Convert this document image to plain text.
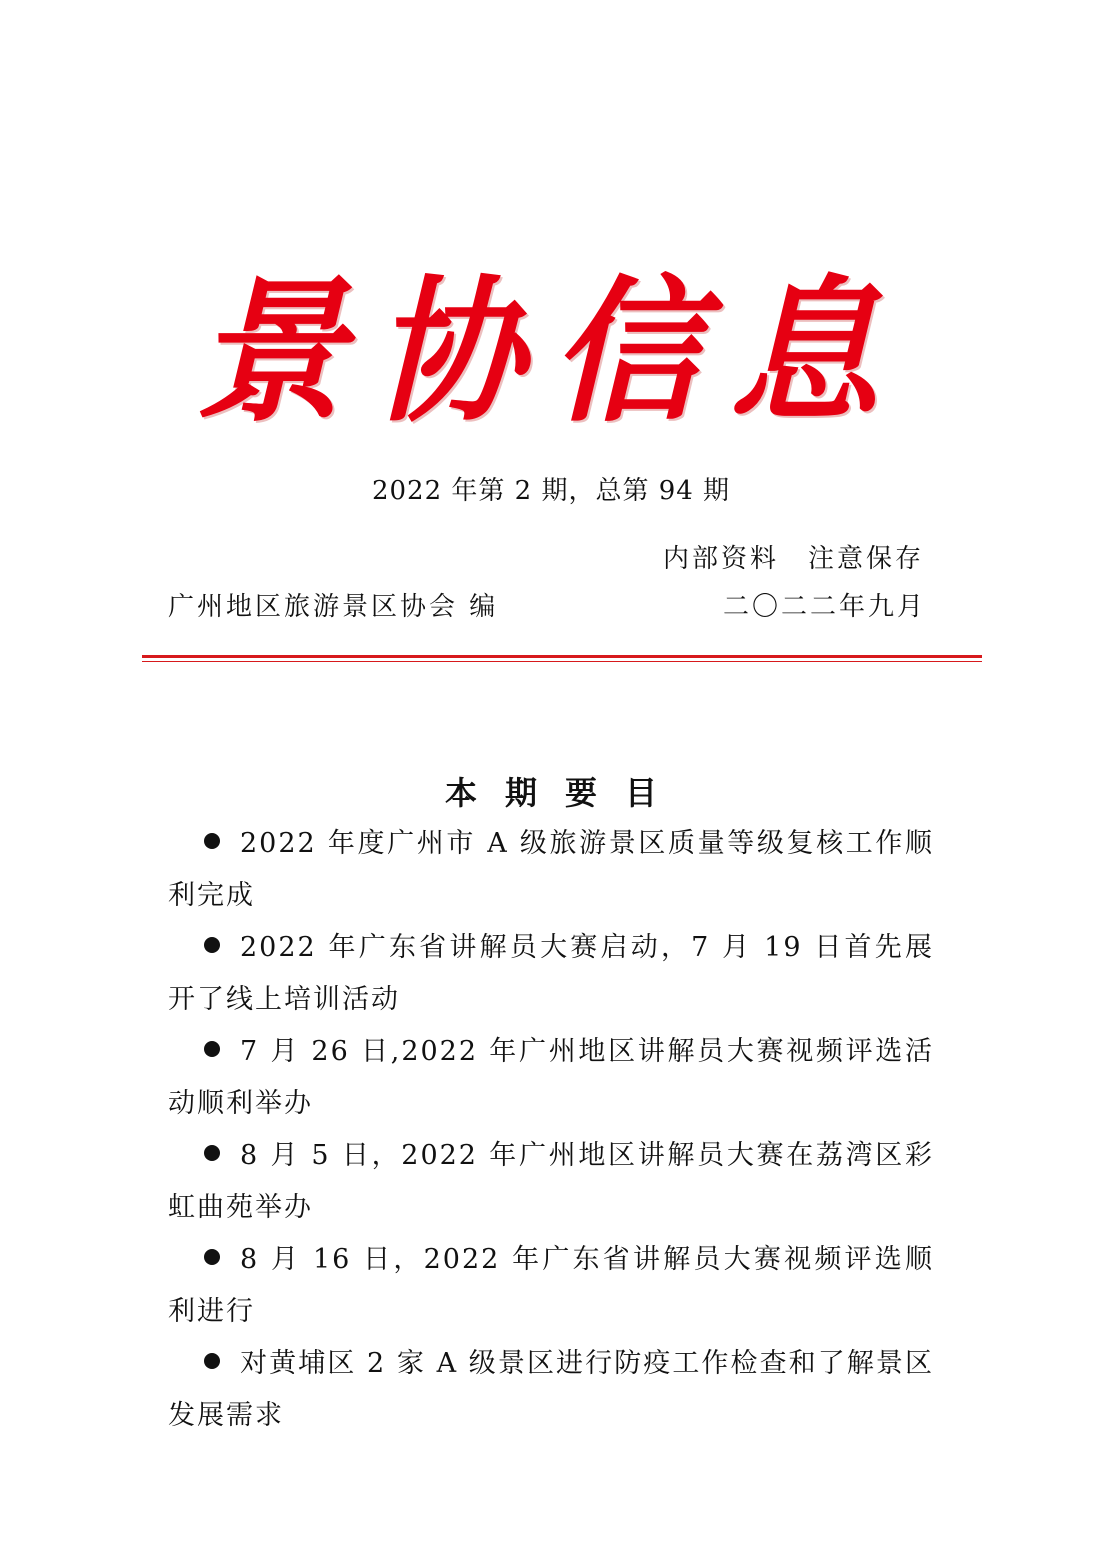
景协信息
2022 年第 2 期，总第 94 期
内部资料　注意保存
广州地区旅游景区协会 编	二〇二二年九月
本期要目
2022 年度广州市 A 级旅游景区质量等级复核工作顺利完成
2022 年广东省讲解员大赛启动，7 月 19 日首先展开了线上培训活动
7 月 26 日,2022 年广州地区讲解员大赛视频评选活动顺利举办
8 月 5 日，2022 年广州地区讲解员大赛在荔湾区彩虹曲苑举办
8 月 16 日，2022 年广东省讲解员大赛视频评选顺利进行
对黄埔区 2 家 A 级景区进行防疫工作检查和了解景区发展需求
